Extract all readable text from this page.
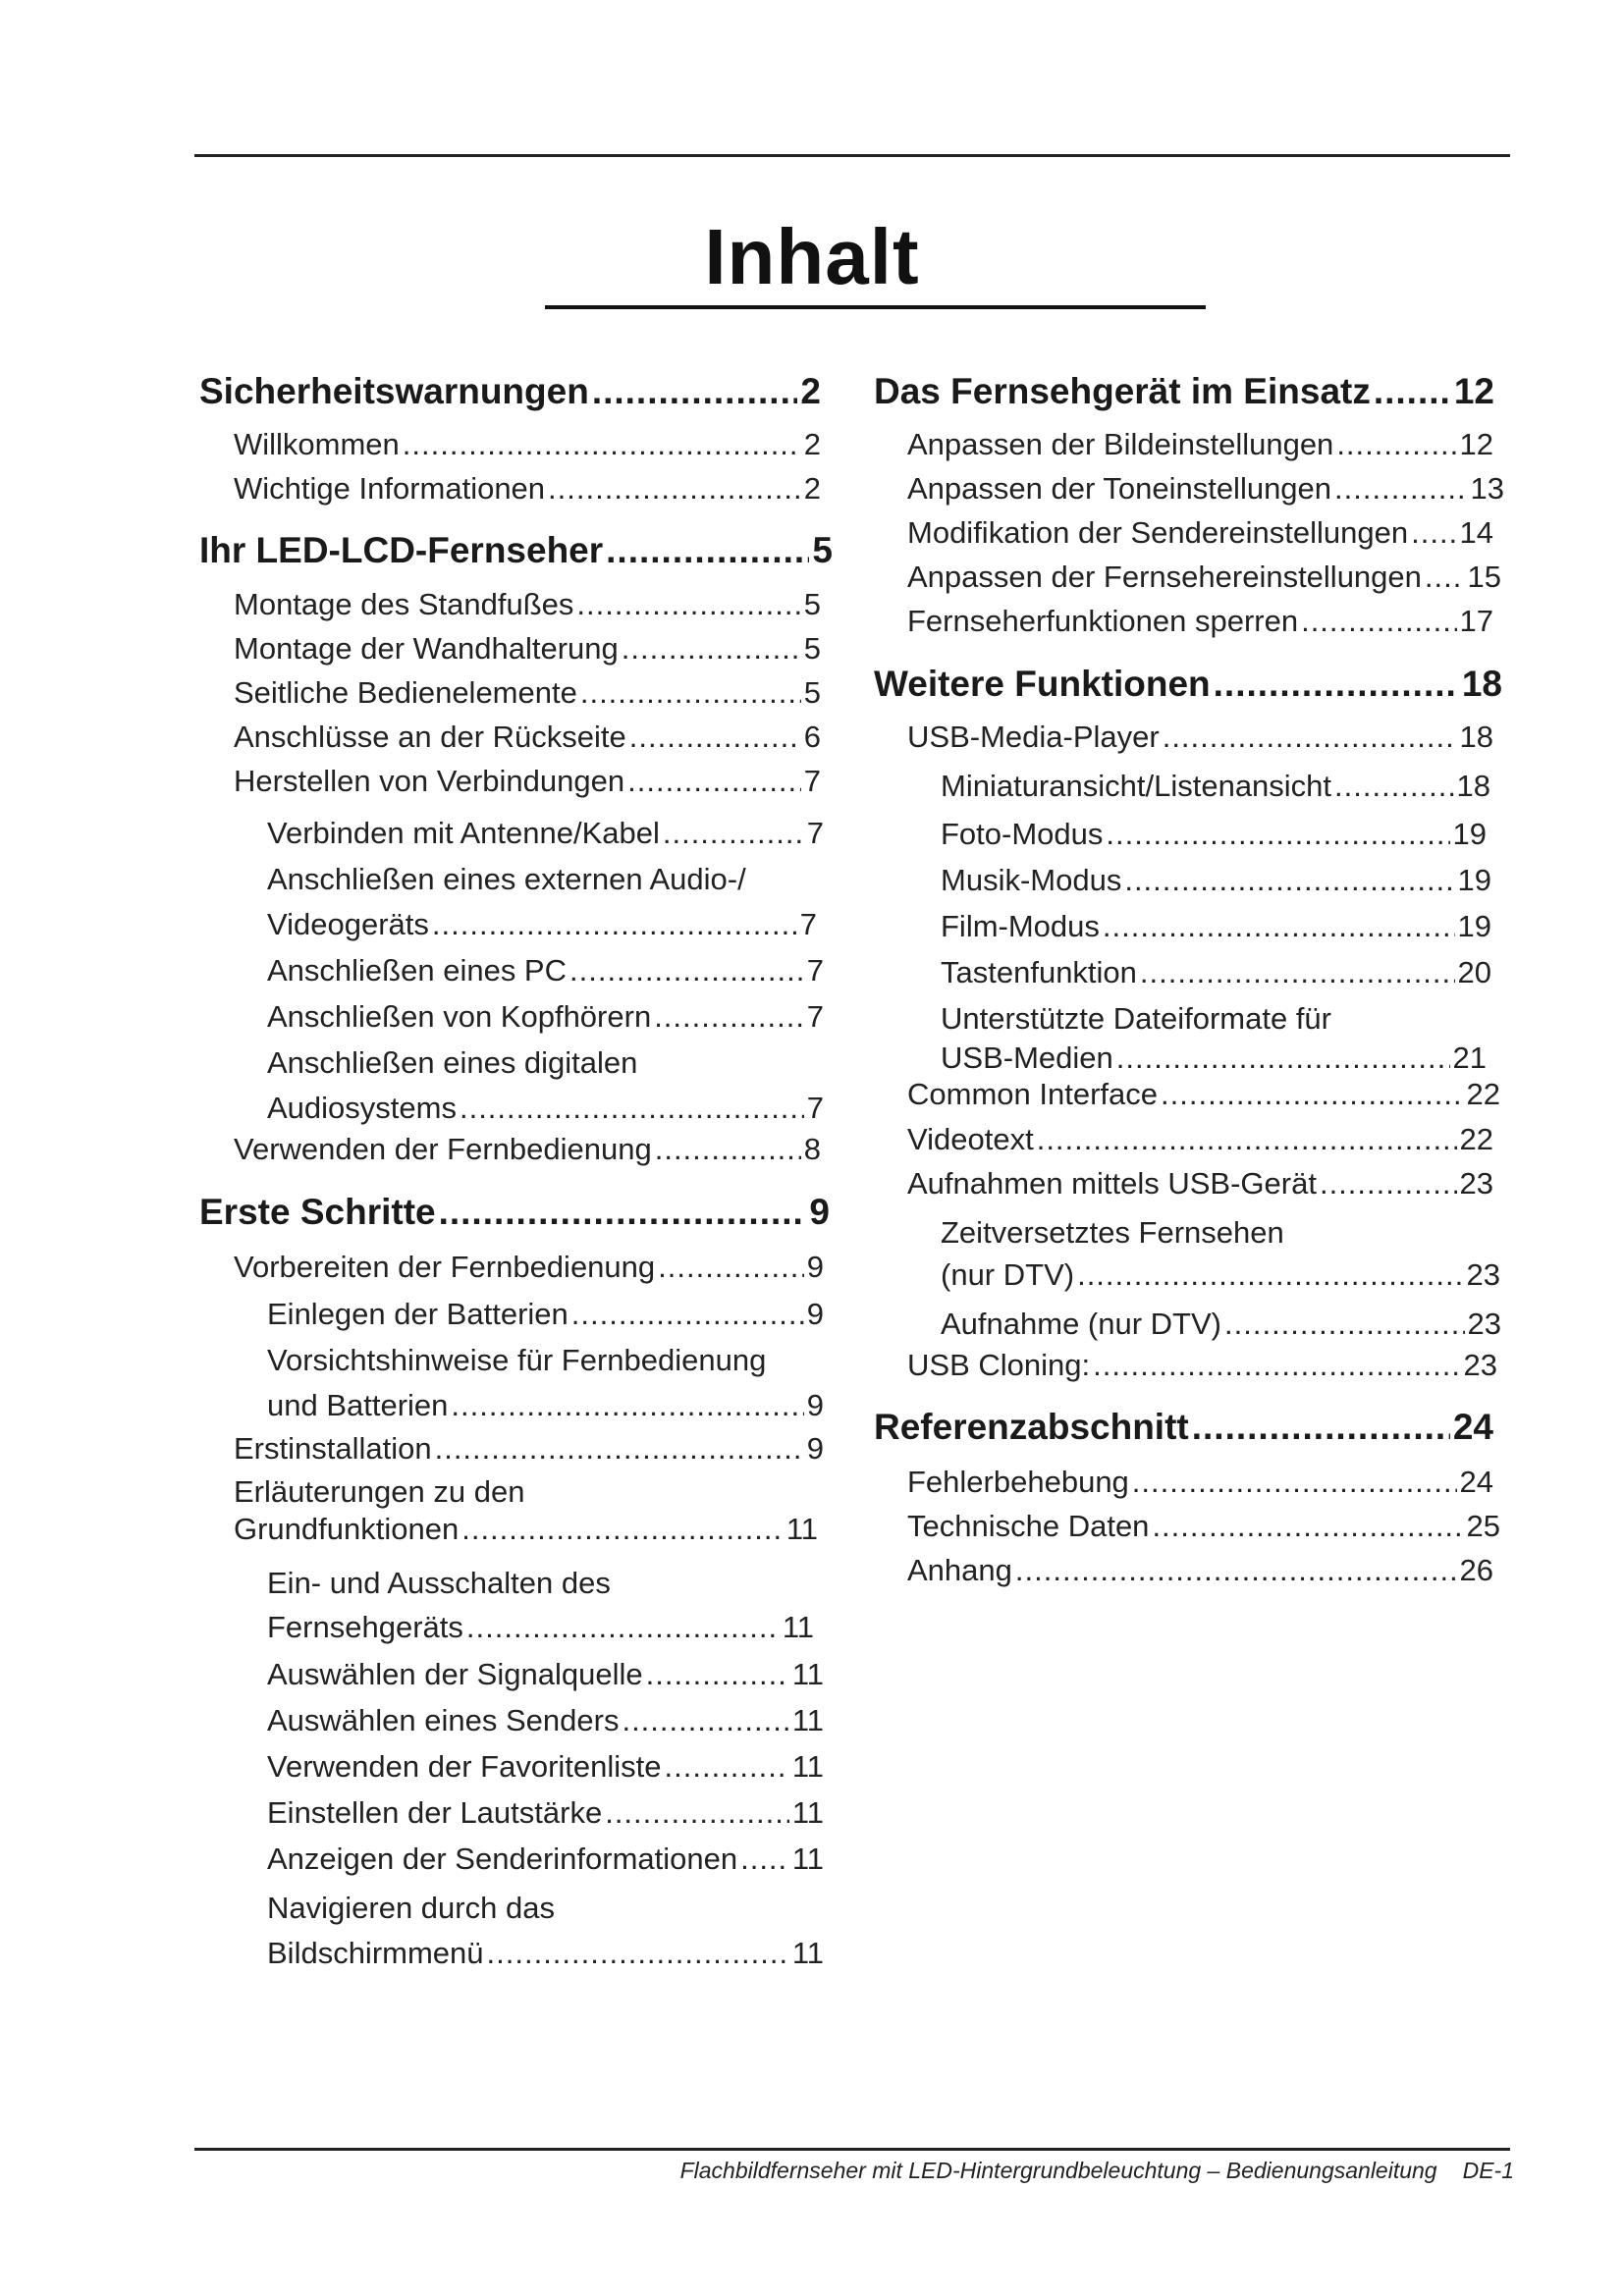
Inhalt
Sicherheitswarnungen .....	2
Willkommen .....	2
Wichtige Informationen .....	2
Ihr LED-LCD-Fernseher .....	5
Montage des Standfußes .....	5
Montage der Wandhalterung .....	5
Seitliche Bedienelemente .....	5
Anschlüsse an der Rückseite .....	6
Herstellen von Verbindungen .....	7
Verbinden mit Antenne/Kabel .....	7
Anschließen eines externen Audio-/
Videogeräts .....	7
Anschließen eines PC .....	7
Anschließen von Kopfhörern .....	7
Anschließen eines digitalen
Audiosystems .....	7
Verwenden der Fernbedienung .....	8
Erste Schritte .....	9
Vorbereiten der Fernbedienung .....	9
Einlegen der Batterien .....	9
Vorsichtshinweise für Fernbedienung
und Batterien .....	9
Erstinstallation .....	9
Erläuterungen zu den
Grundfunktionen .....	11
Ein- und Ausschalten des
Fernsehgeräts .....	11
Auswählen der Signalquelle .....	11
Auswählen eines Senders .....	11
Verwenden der Favoritenliste .....	11
Einstellen der Lautstärke .....	11
Anzeigen der Senderinformationen ..... 11
Navigieren durch das
Bildschirmmenü .....	11
Das Fernsehgerät im Einsatz ..... 12
Anpassen der Bildeinstellungen .....	12
Anpassen der Toneinstellungen .....	13
Modifikation der Sendereinstellungen ..... 14
Anpassen der Fernsehereinstellungen ..... 15
Fernseherfunktionen sperren .....	17
Weitere Funktionen .....	18
USB-Media-Player .....	18
Miniaturansicht/Listenansicht .....	18
Foto-Modus .....	19
Musik-Modus .....	19
Film-Modus .....	19
Tastenfunktion .....	20
Unterstützte Dateiformate für
USB-Medien .....	21
Common Interface .....	22
Videotext .....	22
Aufnahmen mittels USB-Gerät .....	23
Zeitversetztes Fernsehen
(nur DTV) .....	23
Aufnahme (nur DTV) .....	23
USB Cloning: .....	23
Referenzabschnitt .....	24
Fehlerbehebung .....	24
Technische Daten .....	25
Anhang .....	26
Flachbildfernseher mit LED-Hintergrundbeleuchtung – Bedienungsanleitung DE-1
